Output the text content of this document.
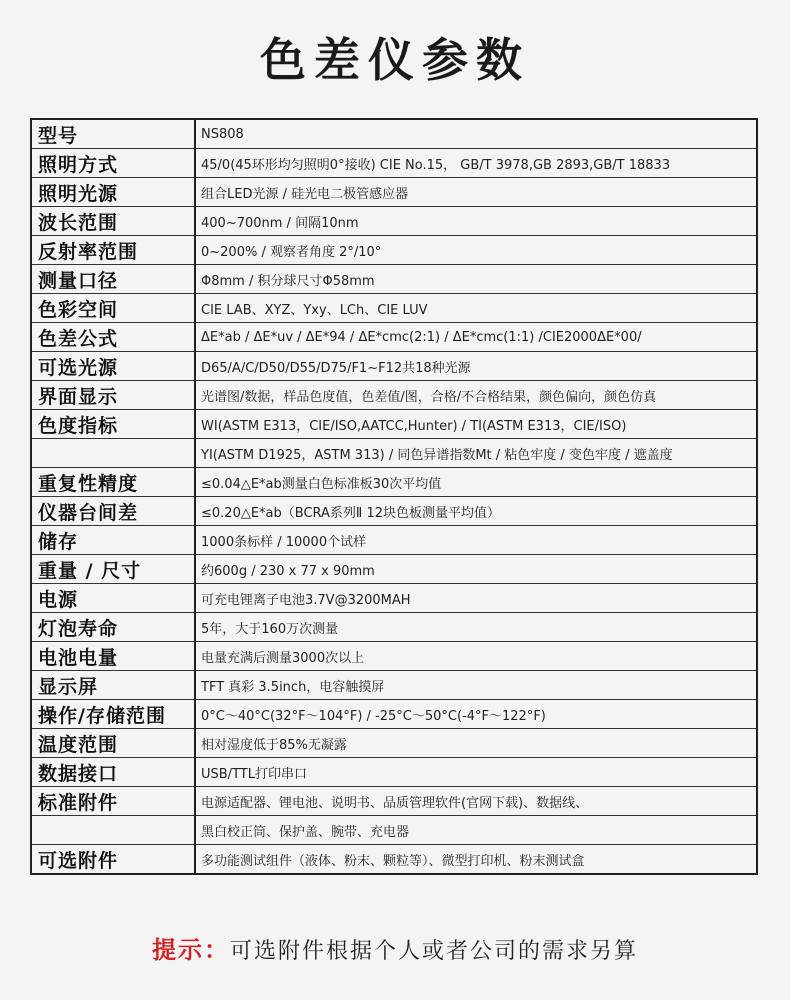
色差仪参数
型号	NS808
照明方式	45/0(45环形均匀照明0°接收) CIE No.15， GB/T 3978,GB 2893,GB/T 18833
照明光源	组合LED光源 / 硅光电二极管感应器
波长范围	400~700nm / 间隔10nm
反射率范围	0~200% / 观察者角度 2°/10°
测量口径	Φ8mm / 积分球尺寸Φ58mm
色彩空间	CIE LAB、XYZ、Yxy、LCh、CIE LUV
色差公式	ΔE*ab / ΔE*uv / ΔE*94 / ΔE*cmc(2:1) / ΔE*cmc(1:1) /CIE2000ΔE*00/
可选光源	D65/A/C/D50/D55/D75/F1~F12共18种光源
界面显示	光谱图/数据，样品色度值，色差值/图，合格/不合格结果，颜色偏向，颜色仿真
色度指标	WI(ASTM E313，CIE/ISO,AATCC,Hunter) / TI(ASTM E313，CIE/ISO)
	YI(ASTM D1925，ASTM 313) / 同色异谱指数Mt / 粘色牢度 / 变色牢度 / 遮盖度
重复性精度	≤0.04△E*ab测量白色标准板30次平均值
仪器台间差	≤0.20△E*ab（BCRA系列Ⅱ 12块色板测量平均值）
储存	1000条标样 / 10000个试样
重量 / 尺寸	约600g / 230 x 77 x 90mm
电源	可充电锂离子电池3.7V@3200MAH
灯泡寿命	5年，大于160万次测量
电池电量	电量充满后测量3000次以上
显示屏	TFT 真彩 3.5inch，电容触摸屏
操作/存储范围	0°C～40°C(32°F～104°F) / -25°C～50°C(-4°F～122°F)
温度范围	相对湿度低于85%无凝露
数据接口	USB/TTL打印串口
标准附件	电源适配器、锂电池、说明书、品质管理软件(官网下载)、数据线、
	黑白校正筒、保护盖、腕带、充电器
可选附件	多功能测试组件（液体、粉末、颗粒等）、微型打印机、粉末测试盒
提示：可选附件根据个人或者公司的需求另算
